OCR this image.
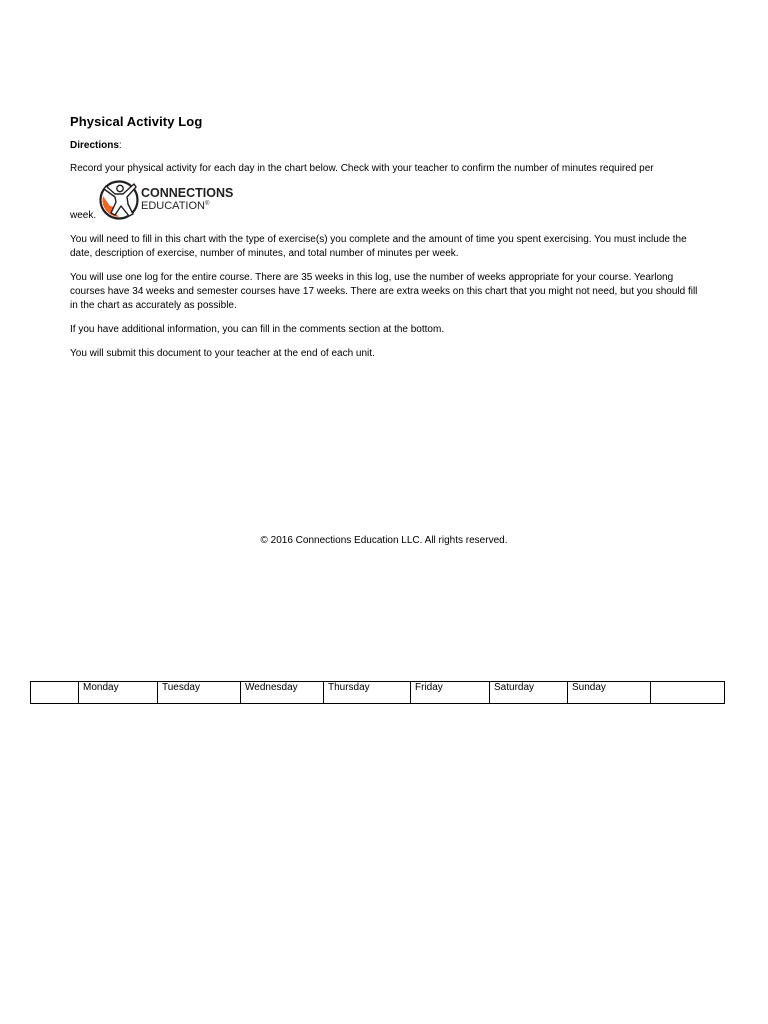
Physical Activity Log
Directions:
Record your physical activity for each day in the chart below. Check with your teacher to confirm the number of minutes required per
week.
CONNECTIONS
EDUCATION®
You will need to fill in this chart with the type of exercise(s) you complete and the amount of time you spent exercising. You must include the date, description of exercise, number of minutes, and total number of minutes per week.
You will use one log for the entire course. There are 35 weeks in this log, use the number of weeks appropriate for your course. Yearlong courses have 34 weeks and semester courses have 17 weeks. There are extra weeks on this chart that you might not need, but you should fill in the chart as accurately as possible.
If you have additional information, you can fill in the comments section at the bottom.
You will submit this document to your teacher at the end of each unit.
© 2016 Connections Education LLC. All rights reserved.
	Monday	Tuesday	Wednesday	Thursday	Friday	Saturday	Sunday	
